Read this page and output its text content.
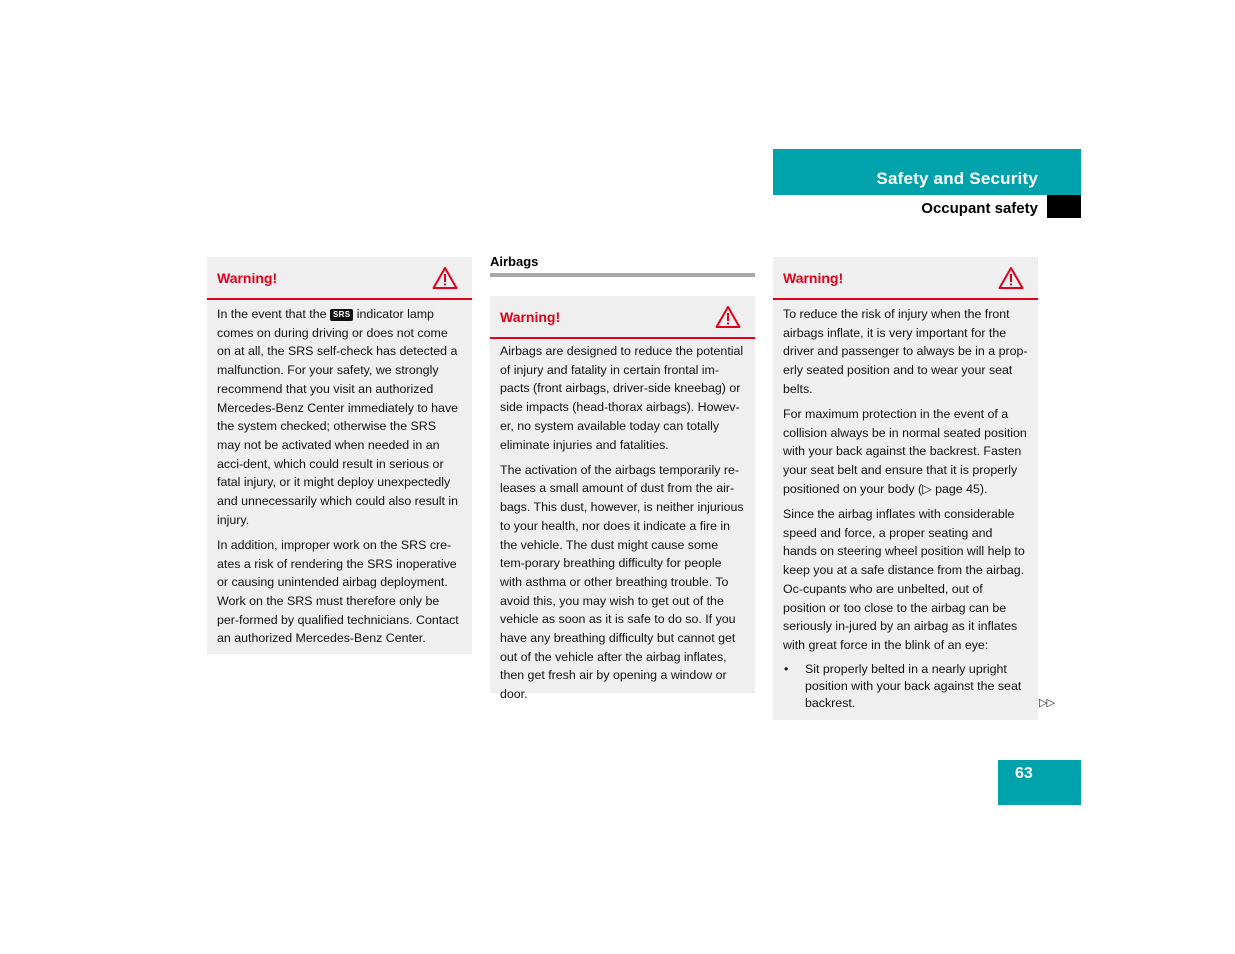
Safety and Security
Occupant safety
Warning!

In the event that the SRS indicator lamp comes on during driving or does not come on at all, the SRS self-check has detected a malfunction. For your safety, we strongly recommend that you visit an authorized Mercedes-Benz Center immediately to have the system checked; otherwise the SRS may not be activated when needed in an acci-dent, which could result in serious or fatal injury, or it might deploy unexpectedly and unnecessarily which could also result in injury.

In addition, improper work on the SRS cre-ates a risk of rendering the SRS inoperative or causing unintended airbag deployment. Work on the SRS must therefore only be per-formed by qualified technicians. Contact an authorized Mercedes-Benz Center.

Airbags
Warning!

Airbags are designed to reduce the potential of injury and fatality in certain frontal im-pacts (front airbags, driver-side kneebag) or side impacts (head-thorax airbags). Howev-er, no system available today can totally eliminate injuries and fatalities.

The activation of the airbags temporarily re-leases a small amount of dust from the air-bags. This dust, however, is neither injurious to your health, nor does it indicate a fire in the vehicle. The dust might cause some tem-porary breathing difficulty for people with asthma or other breathing trouble. To avoid this, you may wish to get out of the vehicle as soon as it is safe to do so. If you have any breathing difficulty but cannot get out of the vehicle after the airbag inflates, then get fresh air by opening a window or door.

Warning!

To reduce the risk of injury when the front airbags inflate, it is very important for the driver and passenger to always be in a prop-erly seated position and to wear your seat belts.

For maximum protection in the event of a collision always be in normal seated position with your back against the backrest. Fasten your seat belt and ensure that it is properly positioned on your body (▷ page 45).

Since the airbag inflates with considerable speed and force, a proper seating and hands on steering wheel position will help to keep you at a safe distance from the airbag. Oc-cupants who are unbelted, out of position or too close to the airbag can be seriously in-jured by an airbag as it inflates with great force in the blink of an eye:

• Sit properly belted in a nearly upright position with your back against the seat backrest.	▷▷
63
